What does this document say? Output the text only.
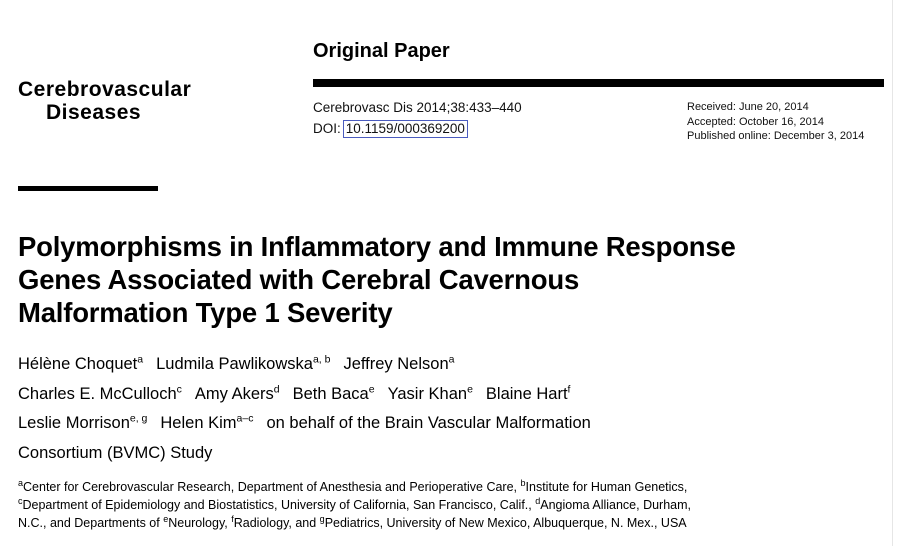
Cerebrovascular
Diseases
Original Paper
Cerebrovasc Dis 2014;38:433–440
DOI: 10.1159/000369200
Received: June 20, 2014
Accepted: October 16, 2014
Published online: December 3, 2014
Polymorphisms in Inflammatory and Immune Response Genes Associated with Cerebral Cavernous Malformation Type 1 Severity
Hélène Choquet$^a$ Ludmila Pawlikowska$^{a, b}$ Jeffrey Nelson$^a$
Charles E. McCulloch$^c$ Amy Akers$^d$ Beth Baca$^e$ Yasir Khan$^e$ Blaine Hart$^f$
Leslie Morrison$^{e, g}$ Helen Kim$^{a-c}$ on behalf of the Brain Vascular Malformation
Consortium (BVMC) Study
$^a$Center for Cerebrovascular Research, Department of Anesthesia and Perioperative Care, $^b$Institute for Human Genetics, $^c$Department of Epidemiology and Biostatistics, University of California, San Francisco, Calif., $^d$Angioma Alliance, Durham, N.C., and Departments of $^e$Neurology, $^f$Radiology, and $^g$Pediatrics, University of New Mexico, Albuquerque, N. Mex., USA
